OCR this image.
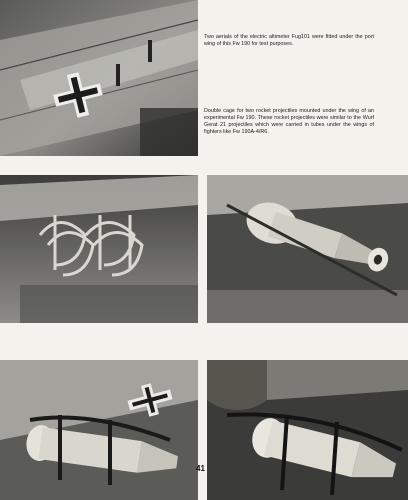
Two aerials of the electric altimeter Fug101 were fitted under the port wing of this Fw 190 for test purposes.

Double cage for two rocket projectiles mounted under the wing of an experimental Fw 190. These rocket projectiles were similar to the Wurf Gerat 21 projectiles which were carried in tubes under the wings of fighters like Fw 190A-4/R6.

41
